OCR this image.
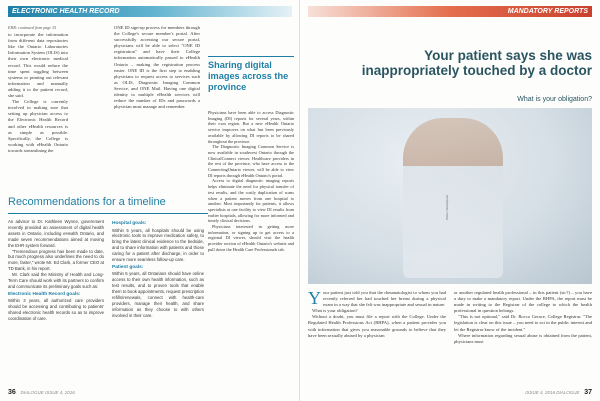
ELECTRONIC HEALTH RECORD
EHR: continued from page 35

to incorporate the information from different data repositories like the Ontario Laboratories Information System (OLIS) into their own electronic medical record. This would reduce the time spent toggling between systems or printing out relevant information and manually adding it to the patient record, she said.

The College is currently involved in making sure that setting up physician access to the Electronic Health Record and other eHealth resources is as simple as possible. Specifically, the College is working with eHealth Ontario towards streamlining the

ONE ID sign-up process for members through the College's secure member's portal. After successfully accessing our secure portal, physicians will be able to select "ONE ID registration" and have their College information automatically passed to eHealth Ontario – making the registration process easier. ONE ID is the first step to enabling physicians to request access to services such as OLIS, Diagnostic Imaging Common Service, and ONE Mail. Having one digital identity to multiple eHealth services will reduce the number of IDs and passwords a physician must manage and remember.

Sharing digital images across the province

Physicians have been able to access Diagnostic Imaging (DI) reports for several years, within their own region. But a new eHealth Ontario service improves on what has been previously available by allowing DI reports to be shared throughout the province.

The Diagnostic Imaging Common Service is now available in southwest Ontario through the ClinicalConnect viewer. Healthcare providers in the rest of the province, who have access to the ConnectingOntario viewer, will be able to view DI reports through eHealth Ontario's portal.

Access to digital diagnostic imaging reports helps eliminate the need for physical transfer of test results, and the costly duplication of scans when a patient moves from one hospital to another. Most importantly for patients, it allows specialists at one facility to view DI results from earlier hospitals, allowing for more informed and timely clinical decisions.

Physicians interested in getting more information, or signing up to get access to a regional DI viewer, should visit the health provider section of eHealth Ontario's website and pull down the Health Care Professionals tab.

Recommendations for a timeline

An advisor to Dr. Kathleen Wynne, government recently provided an assessment of digital health assets in Ontario, including eHealth Ontario, and made seven recommendations aimed at moving the EHR system forward.

"Tremendous progress has been made to date, but much progress also underlines the need to do more, faster," wrote Mr. Ed Clark, a former CEO at TD Bank, in his report.

Mr. Clark said the Ministry of Health and Long-Term Care should work with its partners to confirm and communicate its preliminary goals such as:

Electronic Health Record goals:

Within 3 years, all authorized care providers should be accessing and contributing to patients' shared electronic health records so as to improve coordination of care.

Hospital goals:

Within 5 years, all hospitals should be using electronic tools to improve medication safety, to bring the latest clinical evidence to the bedside, and to share information with patients and those caring for a patient after discharge, in order to ensure more seamless follow-up care.

Patient goals:

Within 5 years, all Ontarians should have online access to their own health information, such as test results, and to proven tools that enable them to book appointments, request prescription refills/renewals, connect with health-care providers, manage their health, and share information as they choose to with others involved in their care.

36 DIALOGUE ISSUE 4, 2016
MANDATORY REPORTS
Your patient says she was inappropriately touched by a doctor
What is your obligation?
Photo: iStockphoto

Your patient just told you that the rheumatologist to whom you had recently referred her had touched her breast during a physical exam in a way that she felt was inappropriate and sexual in nature.

What is your obligation?

Without a doubt, you must file a report with the College. Under the Regulated Health Professions Act (RHPA), when a patient provides you with information that gives you reasonable grounds to believe that they have been sexually abused by a physician

or another regulated health professional – in this patient (sic?) – you have a duty to make a mandatory report. Under the RHPA, the report must be made in writing to the Registrar of the college to which the health professional in question belongs.

"This is not optional," said Dr. Rocco Gerace, College Registrar. "The legislation is clear on this issue – you need to act in the public interest and let the Registrar know of the incident."

Where information regarding sexual abuse is obtained from the patient, physicians must

ISSUE 4, 2016 DIALOGUE 37
